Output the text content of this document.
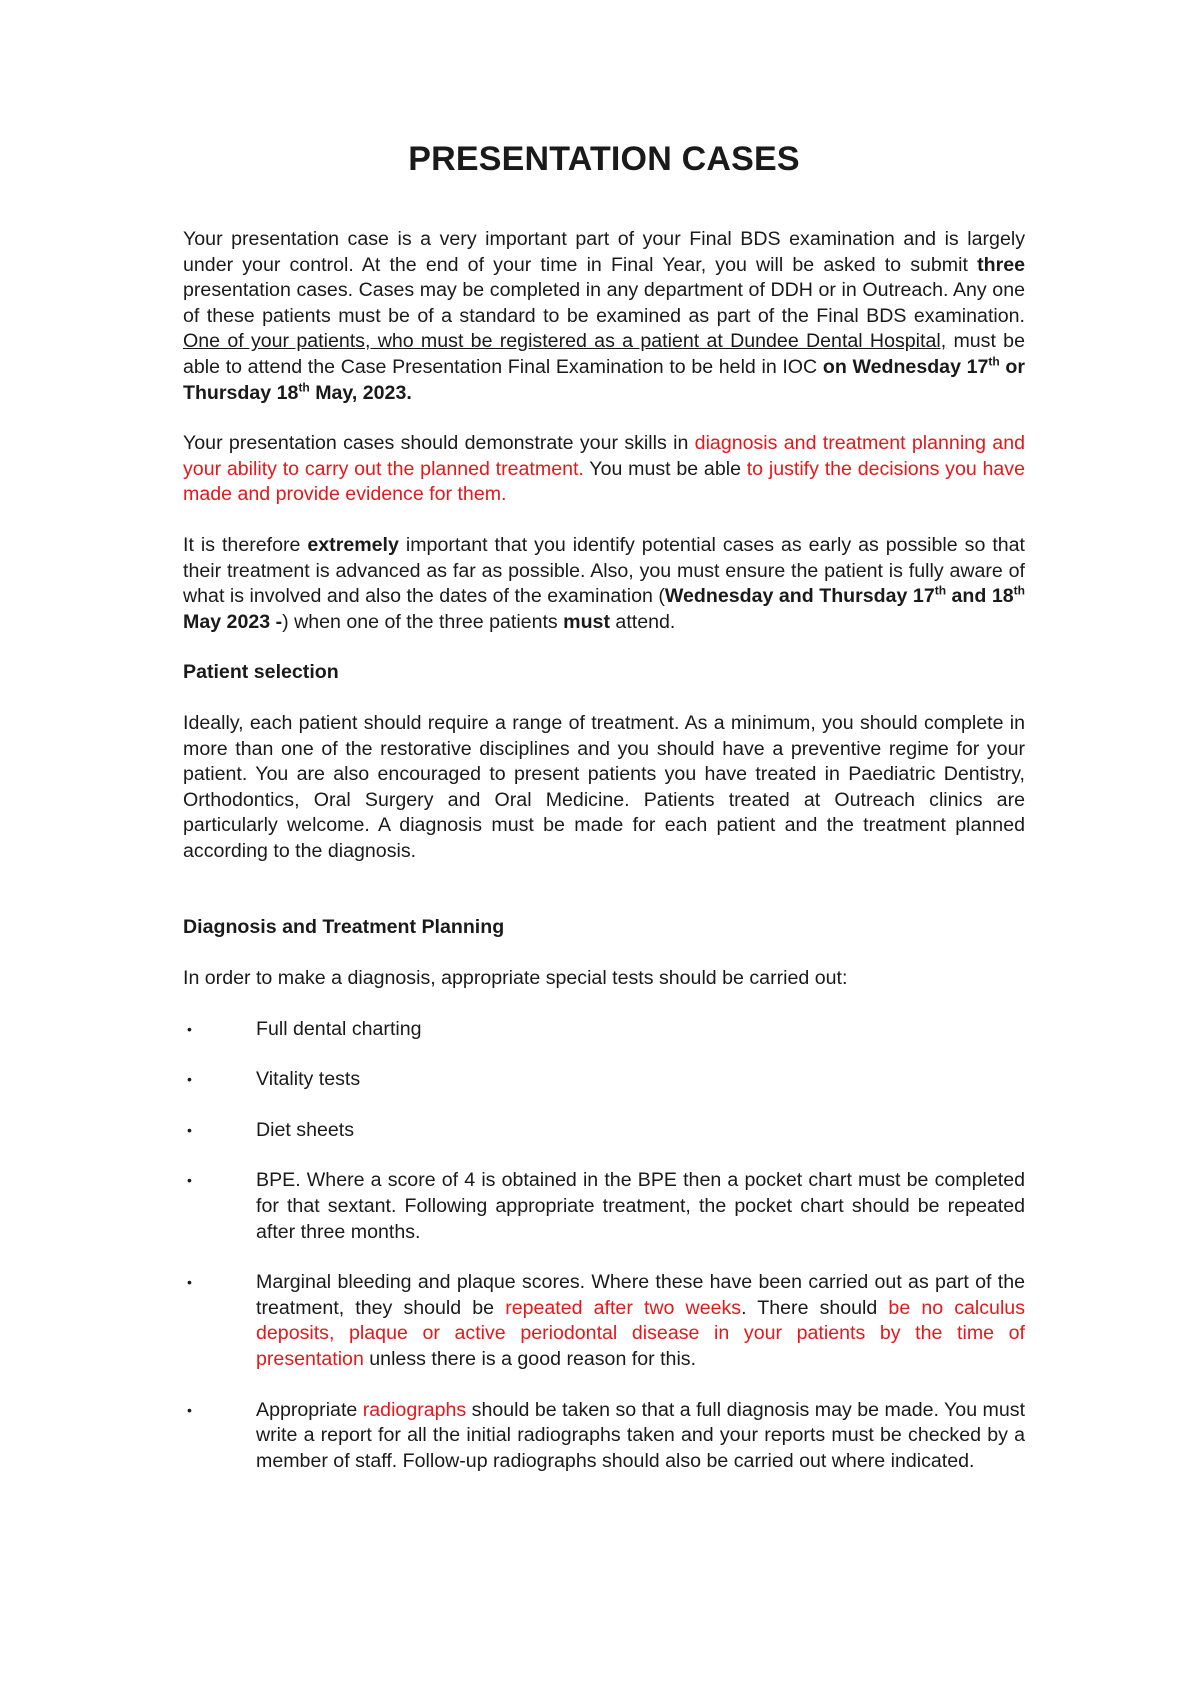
PRESENTATION CASES

Your presentation case is a very important part of your Final BDS examination and is largely under your control. At the end of your time in Final Year, you will be asked to submit three presentation cases. Cases may be completed in any department of DDH or in Outreach. Any one of these patients must be of a standard to be examined as part of the Final BDS examination. One of your patients, who must be registered as a patient at Dundee Dental Hospital, must be able to attend the Case Presentation Final Examination to be held in IOC on Wednesday 17th or Thursday 18th May, 2023.

Your presentation cases should demonstrate your skills in diagnosis and treatment planning and your ability to carry out the planned treatment. You must be able to justify the decisions you have made and provide evidence for them.

It is therefore extremely important that you identify potential cases as early as possible so that their treatment is advanced as far as possible. Also, you must ensure the patient is fully aware of what is involved and also the dates of the examination (Wednesday and Thursday 17th and 18th May 2023 -) when one of the three patients must attend.

Patient selection

Ideally, each patient should require a range of treatment. As a minimum, you should complete in more than one of the restorative disciplines and you should have a preventive regime for your patient. You are also encouraged to present patients you have treated in Paediatric Dentistry, Orthodontics, Oral Surgery and Oral Medicine. Patients treated at Outreach clinics are particularly welcome. A diagnosis must be made for each patient and the treatment planned according to the diagnosis.

Diagnosis and Treatment Planning

In order to make a diagnosis, appropriate special tests should be carried out:

•	Full dental charting
•	Vitality tests
•	Diet sheets
•	BPE. Where a score of 4 is obtained in the BPE then a pocket chart must be completed for that sextant. Following appropriate treatment, the pocket chart should be repeated after three months.
•	Marginal bleeding and plaque scores. Where these have been carried out as part of the treatment, they should be repeated after two weeks. There should be no calculus deposits, plaque or active periodontal disease in your patients by the time of presentation unless there is a good reason for this.
•	Appropriate radiographs should be taken so that a full diagnosis may be made. You must write a report for all the initial radiographs taken and your reports must be checked by a member of staff. Follow-up radiographs should also be carried out where indicated.
